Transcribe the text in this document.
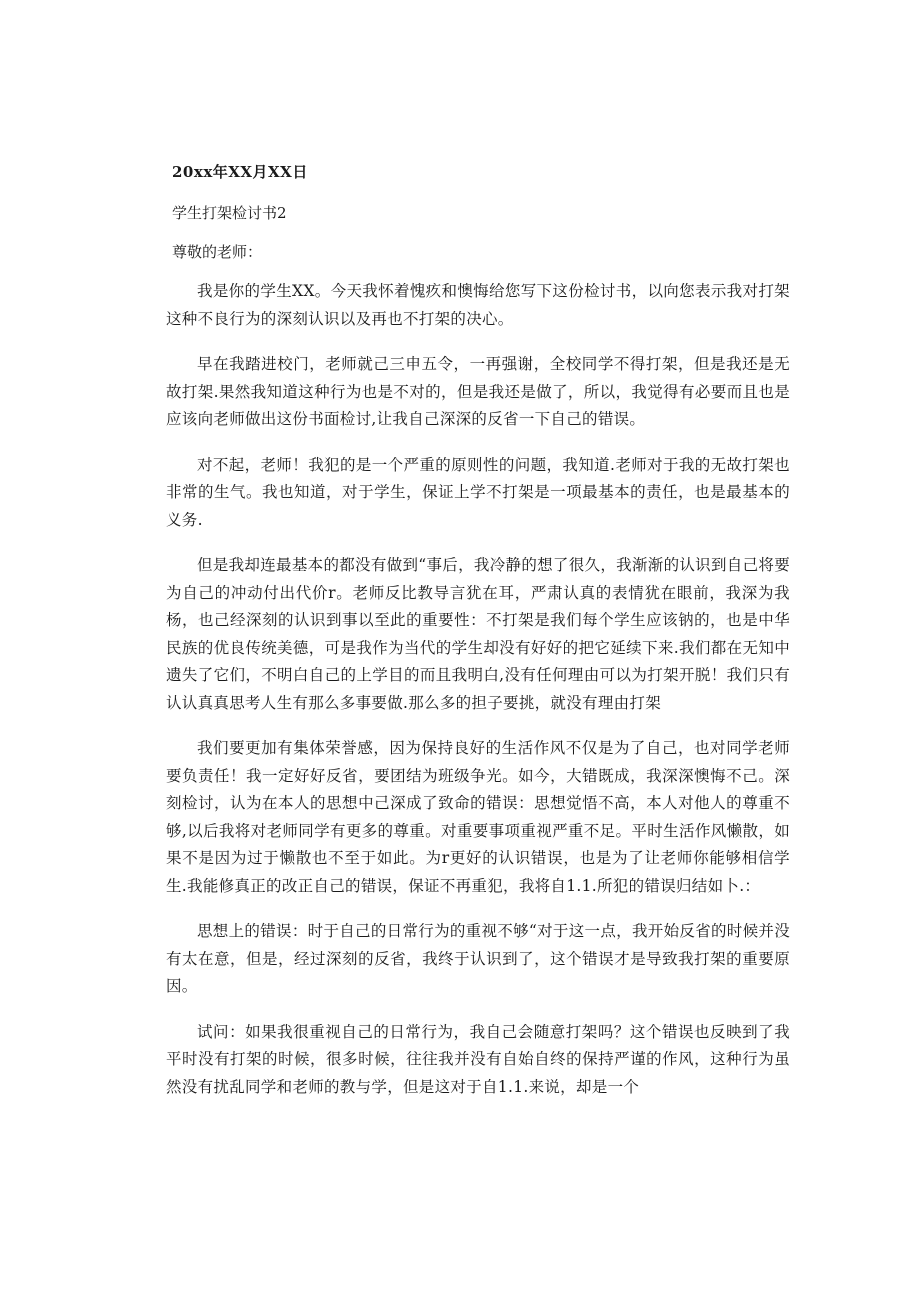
20xx年XX月XX日
学生打架检讨书2
尊敬的老师：

我是你的学生XX。今天我怀着愧疚和懊悔给您写下这份检讨书，以向您表示我对打架这种不良行为的深刻认识以及再也不打架的决心。

早在我踏进校门，老师就己三申五令，一再强谢，全校同学不得打架，但是我还是无故打架.果然我知道这种行为也是不对的，但是我还是做了，所以，我觉得有必要而且也是应该向老师做出这份书面检讨,让我自己深深的反省一下自己的错误。

对不起，老师！我犯的是一个严重的原则性的问题，我知道.老师对于我的无故打架也非常的生气。我也知道，对于学生，保证上学不打架是一项最基本的责任，也是最基本的义务.

但是我却连最基本的都没有做到“事后，我冷静的想了很久，我渐渐的认识到自己将要为自己的冲动付出代价r。老师反比教导言犹在耳，严肃认真的表情犹在眼前，我深为我杨，也己经深刻的认识到事以至此的重要性：不打架是我们每个学生应该钠的，也是中华民族的优良传统美德，可是我作为当代的学生却没有好好的把它延续下来.我们都在无知中遗失了它们，不明白自己的上学目的而且我明白,没有任何理由可以为打架开脱！我们只有认认真真思考人生有那么多事要做.那么多的担子要挑，就没有理由打架

我们要更加有集体荣誉感，因为保持良好的生活作风不仅是为了自己，也对同学老师要负责任！我一定好好反省，要团结为班级争光。如今，大错既成，我深深懊悔不己。深刻检讨，认为在本人的思想中己深成了致命的错误：思想觉悟不高，本人对他人的尊重不够,以后我将对老师同学有更多的尊重。对重要事项重视严重不足。平时生活作风懒散，如果不是因为过于懒散也不至于如此。为r更好的认识错误，也是为了让老师你能够相信学生.我能修真正的改正自己的错误，保证不再重犯，我将自1.1.所犯的错误归结如卜.：

思想上的错误：时于自己的日常行为的重视不够“对于这一点，我开始反省的时候并没有太在意，但是，经过深刻的反省，我终于认识到了，这个错误才是导致我打架的重要原因。

试问：如果我很重视自己的日常行为，我自己会随意打架吗？这个错误也反映到了我平时没有打架的时候，很多时候，往往我并没有自始自终的保持严谨的作风，这种行为虽然没有扰乱同学和老师的教与学，但是这对于自1.1.来说，却是一个
